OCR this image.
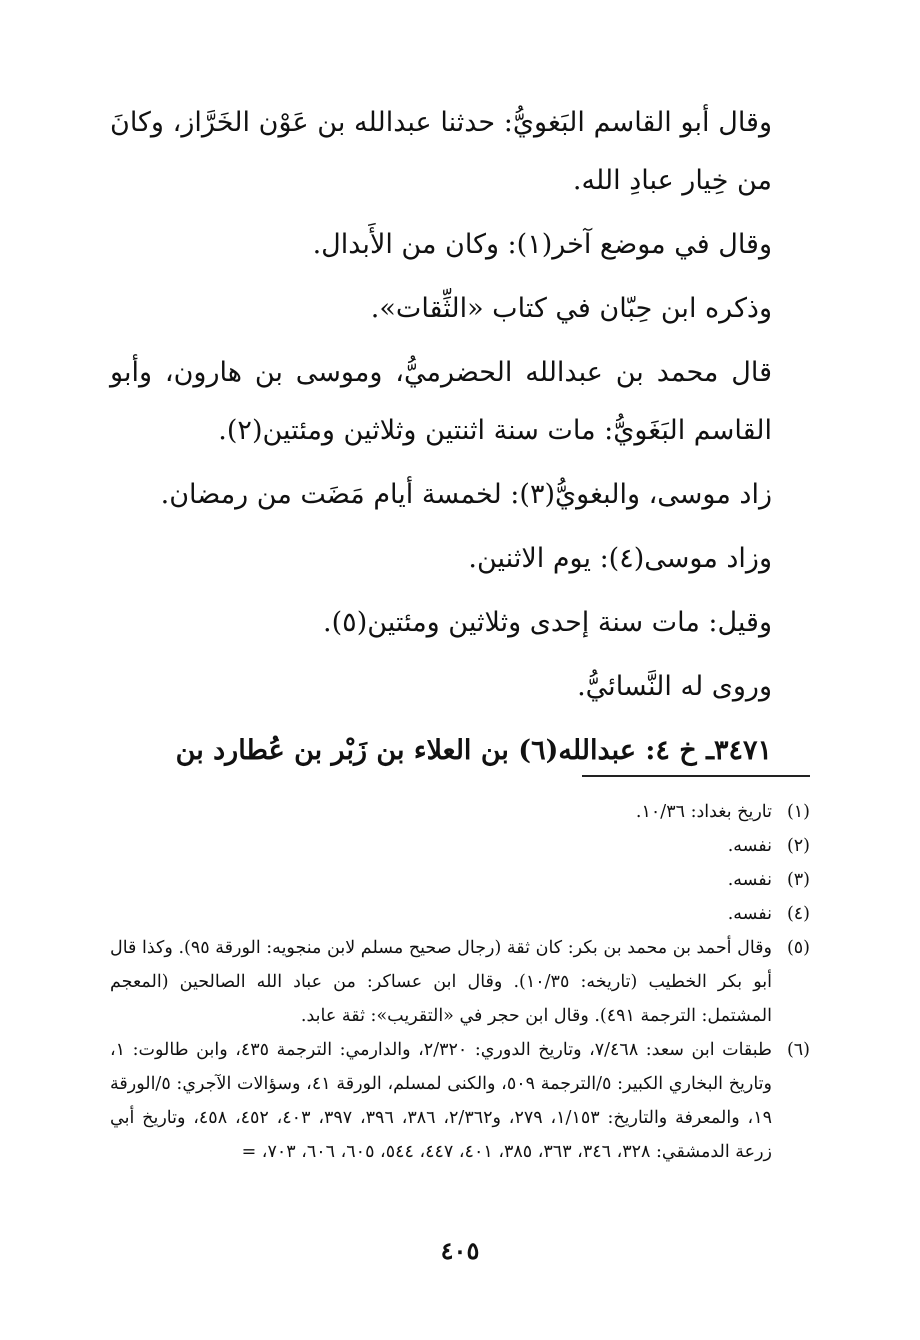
وقال أبو القاسم البَغويُّ: حدثنا عبدالله بن عَوْن الخَرَّاز، وكانَ من خِيار عبادِ الله.

وقال في موضع آخر(١): وكان من الأَبدال.

وذكره ابن حِبّان في كتاب «الثِّقات».

قال محمد بن عبدالله الحضرميُّ، وموسى بن هارون، وأبو القاسم البَغَويُّ: مات سنة اثنتين وثلاثين ومئتين(٢).

زاد موسى، والبغويُّ(٣): لخمسة أيام مَضَت من رمضان.

وزاد موسى(٤): يوم الاثنين.

وقيل: مات سنة إحدى وثلاثين ومئتين(٥).

وروى له النَّسائيُّ.

٣٤٧١ـ خ ٤: عبدالله(٦) بن العلاء بن زَبْر بن عُطارد بن

(١)
تاريخ بغداد: ١٠/٣٦.
(٢)
نفسه.
(٣)
نفسه.
(٤)
نفسه.
(٥)
وقال أحمد بن محمد بن بكر: كان ثقة (رجال صحيح مسلم لابن منجويه: الورقة ٩٥). وكذا قال أبو بكر الخطيب (تاريخه: ١٠/٣٥). وقال ابن عساكر: من عباد الله الصالحين (المعجم المشتمل: الترجمة ٤٩١). وقال ابن حجر في «التقريب»: ثقة عابد.
(٦)
طبقات ابن سعد: ٧/٤٦٨، وتاريخ الدوري: ٢/٣٢٠، والدارمي: الترجمة ٤٣٥، وابن طالوت: ١، وتاريخ البخاري الكبير: ٥/الترجمة ٥٠٩، والكنى لمسلم، الورقة ٤١، وسؤالات الآجري: ٥/الورقة ١٩، والمعرفة والتاريخ: ١/١٥٣، ٢٧٩، و٢/٣٦٢، ٣٨٦، ٣٩٦، ٣٩٧، ٤٠٣، ٤٥٢، ٤٥٨، وتاريخ أبي زرعة الدمشقي: ٣٢٨، ٣٤٦، ٣٦٣، ٣٨٥، ٤٠١، ٤٤٧، ٥٤٤، ٦٠٥، ٦٠٦، ٧٠٣، =
٤٠٥
